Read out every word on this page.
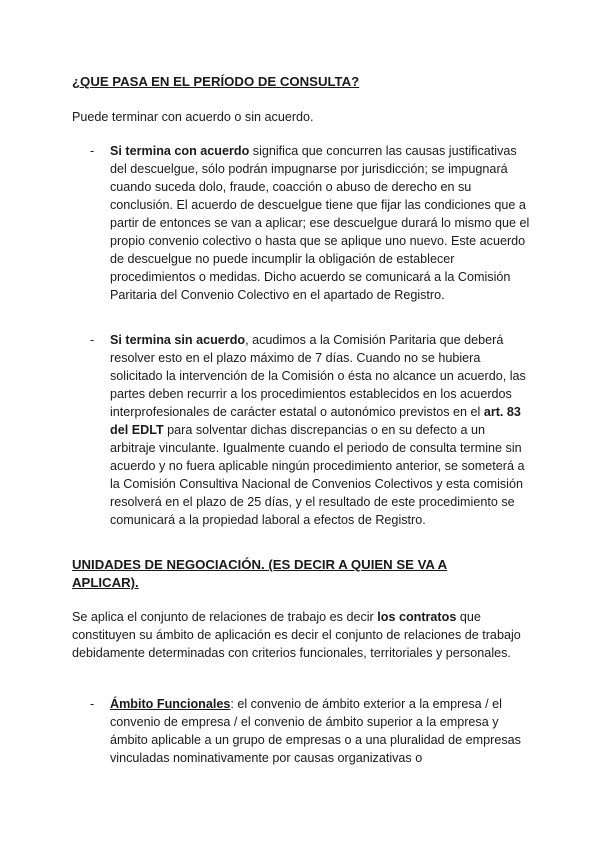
¿QUE PASA EN EL PERÍODO DE CONSULTA?

Puede terminar con acuerdo o sin acuerdo.

- Si termina con acuerdo significa que concurren las causas justificativas del descuelgue, sólo podrán impugnarse por jurisdicción; se impugnará cuando suceda dolo, fraude, coacción o abuso de derecho en su conclusión. El acuerdo de descuelgue tiene que fijar las condiciones que a partir de entonces se van a aplicar; ese descuelgue durará lo mismo que el propio convenio colectivo o hasta que se aplique uno nuevo. Este acuerdo de descuelgue no puede incumplir la obligación de establecer procedimientos o medidas. Dicho acuerdo se comunicará a la Comisión Paritaria del Convenio Colectivo en el apartado de Registro.

- Si termina sin acuerdo, acudimos a la Comisión Paritaria que deberá resolver esto en el plazo máximo de 7 días. Cuando no se hubiera solicitado la intervención de la Comisión o ésta no alcance un acuerdo, las partes deben recurrir a los procedimientos establecidos en los acuerdos interprofesionales de carácter estatal o autonómico previstos en el art. 83 del EDLT para solventar dichas discrepancias o en su defecto a un arbitraje vinculante. Igualmente cuando el periodo de consulta termine sin acuerdo y no fuera aplicable ningún procedimiento anterior, se someterá a la Comisión Consultiva Nacional de Convenios Colectivos y esta comisión resolverá en el plazo de 25 días, y el resultado de este procedimiento se comunicará a la propiedad laboral a efectos de Registro.

UNIDADES DE NEGOCIACIÓN. (ES DECIR A QUIEN SE VA A APLICAR).

Se aplica el conjunto de relaciones de trabajo es decir los contratos que constituyen su ámbito de aplicación es decir el conjunto de relaciones de trabajo debidamente determinadas con criterios funcionales, territoriales y personales.

- Ámbito Funcionales: el convenio de ámbito exterior a la empresa / el convenio de empresa / el convenio de ámbito superior a la empresa y ámbito aplicable a un grupo de empresas o a una pluralidad de empresas vinculadas nominativamente por causas organizativas o
